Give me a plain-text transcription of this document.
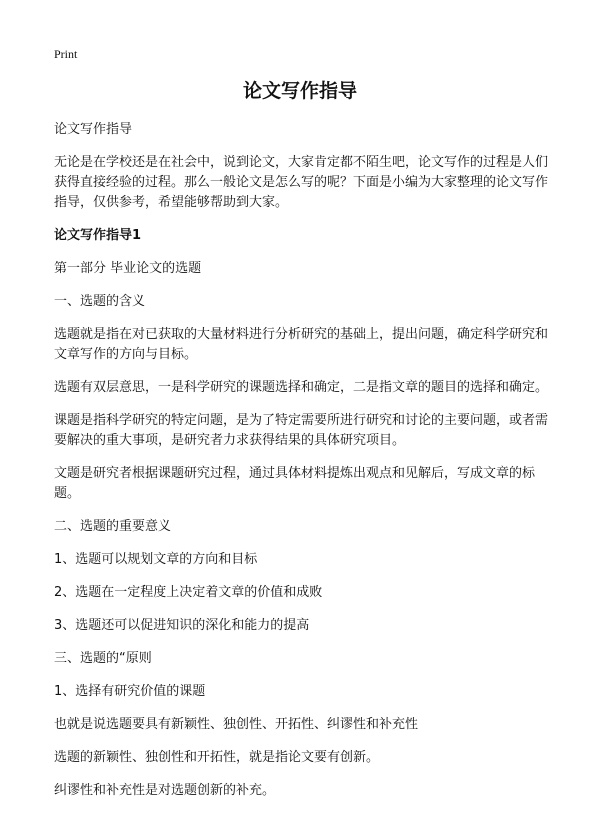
Print
论文写作指导

论文写作指导

无论是在学校还是在社会中，说到论文，大家肯定都不陌生吧，论文写作的过程是人们获得直接经验的过程。那么一般论文是怎么写的呢？下面是小编为大家整理的论文写作指导，仅供参考，希望能够帮助到大家。

论文写作指导1

第一部分 毕业论文的选题

一、选题的含义

选题就是指在对已获取的大量材料进行分析研究的基础上，提出问题，确定科学研究和文章写作的方向与目标。

选题有双层意思，一是科学研究的课题选择和确定，二是指文章的题目的选择和确定。

课题是指科学研究的特定问题，是为了特定需要所进行研究和讨论的主要问题，或者需要解决的重大事项，是研究者力求获得结果的具体研究项目。

文题是研究者根据课题研究过程，通过具体材料提炼出观点和见解后，写成文章的标题。

二、选题的重要意义

1、选题可以规划文章的方向和目标

2、选题在一定程度上决定着文章的价值和成败

3、选题还可以促进知识的深化和能力的提高

三、选题的“原则

1、选择有研究价值的课题

也就是说选题要具有新颖性、独创性、开拓性、纠谬性和补充性

选题的新颖性、独创性和开拓性，就是指论文要有创新。

纠谬性和补充性是对选题创新的补充。
